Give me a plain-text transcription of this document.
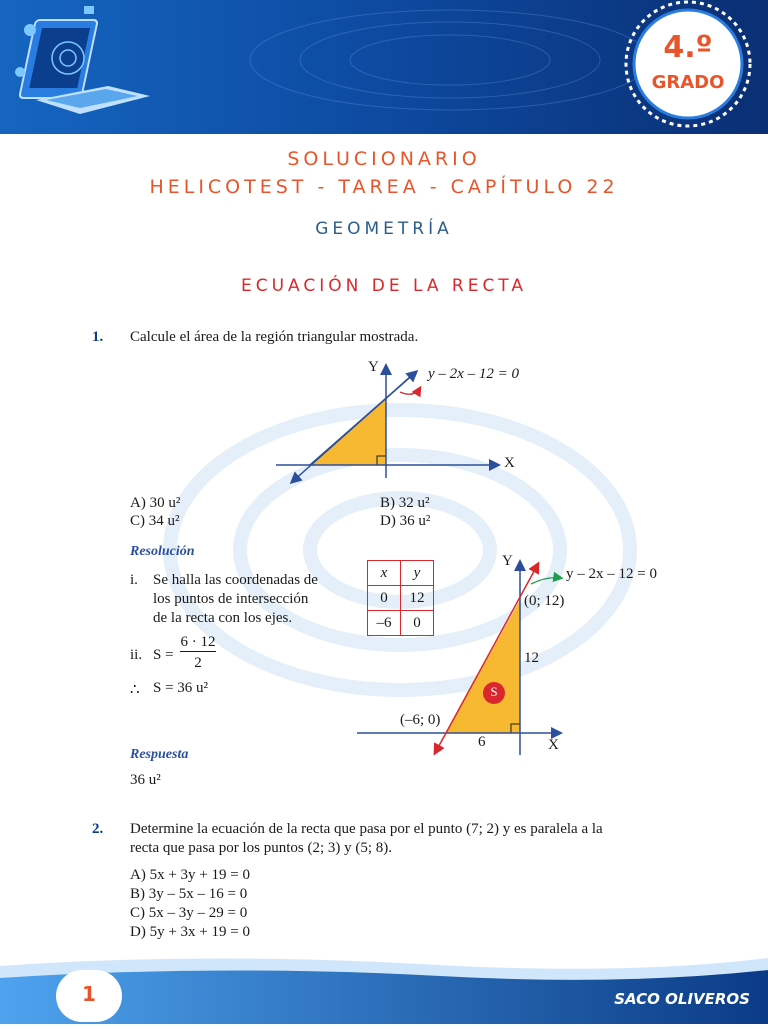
4.º
GRADO
SOLUCIONARIO
HELICOTEST - TAREA - CAPÍTULO 22
GEOMETRÍA
ECUACIÓN DE LA RECTA
1. Calcule el área de la región triangular mostrada.
Y
X
y – 2x – 12 = 0
A) 30 u²	B) 32 u²
C) 34 u²	D) 36 u²
Resolución
i. Se halla las coordenadas de
los puntos de intersección
de la recta con los ejes.
ii. S =
6 · 12
2
∴ S = 36 u²
x	y
0	12
–6	0
Y
X
y – 2x – 12 = 0
(0; 12)
(–6; 0)
12
6
S
Respuesta
36 u²
2. Determine la ecuación de la recta que pasa por el punto (7; 2) y es paralela a la
recta que pasa por los puntos (2; 3) y (5; 8).
A) 5x + 3y + 19 = 0
B) 3y – 5x – 16 = 0
C) 5x – 3y – 29 = 0
D) 5y + 3x + 19 = 0
1	SACO OLIVEROS
